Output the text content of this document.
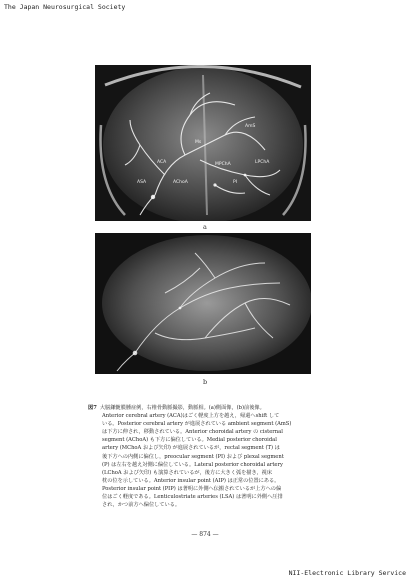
The Japan Neurosurgical Society
ACA
AmS
Ms
AChoA
MPChA	LPChA
PI
ASA
a
b

図7 大脳鎌髄膜腫症例，右椎骨動脈撮影，動脈相。(a)側面像，(b)前後像。

Anterior cerebral artery (ACA)はごく軽度上方を越え，帰還へshift して

いる。Posterior cerebral artery が進展されている ambient segment (AmS)

は下方に伸され，移動されている。Anterior choroidal artery の cisternal

segment (AChoA) も下方に偏位している。Medial posterior choroidal

artery (MChoA および矢印) が進展されているが，rectal segment (T) は

後下方への内側に偏位し，preocular segment (PI) および plexal segment

(P) は左右を越え対側に偏位している。Lateral posterior choroidal artery

(LChoA および矢印) も演算されているが，後方に大きく弧を描き，視床

枕の位を示している。Anterior insular point (AIP) は正常の位置にある。

Posterior insular point (PIP) は著明に外側へ伝搬されているが上方への偏

位はごく軽度である。Lenticulostriate arteries (LSA) は著明に外側へ圧排

され，かつ前方へ偏位している。

— 874 —
NII-Electronic Library Service
